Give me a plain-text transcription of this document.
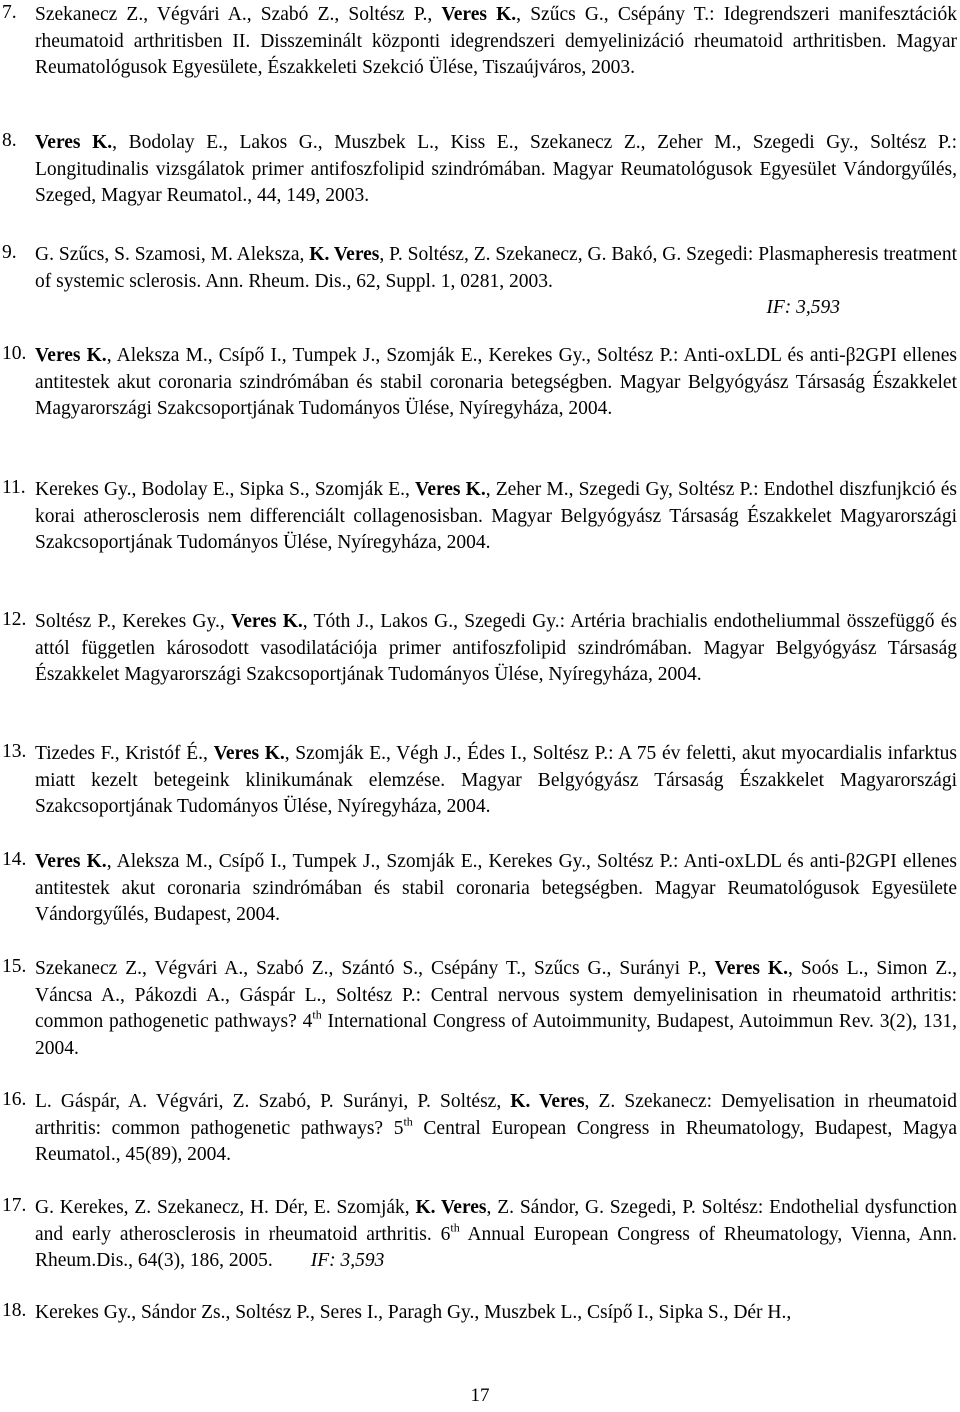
7. Szekanecz Z., Végvári A., Szabó Z., Soltész P., Veres K., Szűcs G., Csépány T.: Idegrendszeri manifesztációk rheumatoid arthritisben II. Disszeminált központi idegrendszeri demyelinizáció rheumatoid arthritisben. Magyar Reumatológusok Egyesülete, Északkeleti Szekció Ülése, Tiszaújváros, 2003.
8. Veres K., Bodolay E., Lakos G., Muszbek L., Kiss E., Szekanecz Z., Zeher M., Szegedi Gy., Soltész P.: Longitudinalis vizsgálatok primer antifoszfolipid szindrómában. Magyar Reumatológusok Egyesület Vándorgyűlés, Szeged, Magyar Reumatol., 44, 149, 2003.
9. G. Szűcs, S. Szamosi, M. Aleksza, K. Veres, P. Soltész, Z. Szekanecz, G. Bakó, G. Szegedi: Plasmapheresis treatment of systemic sclerosis. Ann. Rheum. Dis., 62, Suppl. 1, 0281, 2003.
IF: 3,593
10. Veres K., Aleksza M., Csípő I., Tumpek J., Szomják E., Kerekes Gy., Soltész P.: Anti-oxLDL és anti-β2GPI ellenes antitestek akut coronaria szindrómában és stabil coronaria betegségben. Magyar Belgyógyász Társaság Északkelet Magyarországi Szakcsoportjának Tudományos Ülése, Nyíregyháza, 2004.
11. Kerekes Gy., Bodolay E., Sipka S., Szomják E., Veres K., Zeher M., Szegedi Gy, Soltész P.: Endothel diszfunjkció és korai atherosclerosis nem differenciált collagenosisban. Magyar Belgyógyász Társaság Északkelet Magyarországi Szakcsoportjának Tudományos Ülése, Nyíregyháza, 2004.
12. Soltész P., Kerekes Gy., Veres K., Tóth J., Lakos G., Szegedi Gy.: Artéria brachialis endotheliummal összefüggő és attól független károsodott vasodilatációja primer antifoszfolipid szindrómában. Magyar Belgyógyász Társaság Északkelet Magyarországi Szakcsoportjának Tudományos Ülése, Nyíregyháza, 2004.
13. Tizedes F., Kristóf É., Veres K., Szomják E., Végh J., Édes I., Soltész P.: A 75 év feletti, akut myocardialis infarktus miatt kezelt betegeink klinikumának elemzése. Magyar Belgyógyász Társaság Északkelet Magyarországi Szakcsoportjának Tudományos Ülése, Nyíregyháza, 2004.
14. Veres K., Aleksza M., Csípő I., Tumpek J., Szomják E., Kerekes Gy., Soltész P.: Anti-oxLDL és anti-β2GPI ellenes antitestek akut coronaria szindrómában és stabil coronaria betegségben. Magyar Reumatológusok Egyesülete Vándorgyűlés, Budapest, 2004.
15. Szekanecz Z., Végvári A., Szabó Z., Szántó S., Csépány T., Szűcs G., Surányi P., Veres K., Soós L., Simon Z., Váncsa A., Pákozdi A., Gáspár L., Soltész P.: Central nervous system demyelinisation in rheumatoid arthritis: common pathogenetic pathways? 4th International Congress of Autoimmunity, Budapest, Autoimmun Rev. 3(2), 131, 2004.
16. L. Gáspár, A. Végvári, Z. Szabó, P. Surányi, P. Soltész, K. Veres, Z. Szekanecz: Demyelisation in rheumatoid arthritis: common pathogenetic pathways? 5th Central European Congress in Rheumatology, Budapest, Magya Reumatol., 45(89), 2004.
17. G. Kerekes, Z. Szekanecz, H. Dér, E. Szomják, K. Veres, Z. Sándor, G. Szegedi, P. Soltész: Endothelial dysfunction and early atherosclerosis in rheumatoid arthritis. 6th Annual European Congress of Rheumatology, Vienna, Ann. Rheum.Dis., 64(3), 186, 2005. IF: 3,593
18. Kerekes Gy., Sándor Zs., Soltész P., Seres I., Paragh Gy., Muszbek L., Csípő I., Sipka S., Dér H.,
17
